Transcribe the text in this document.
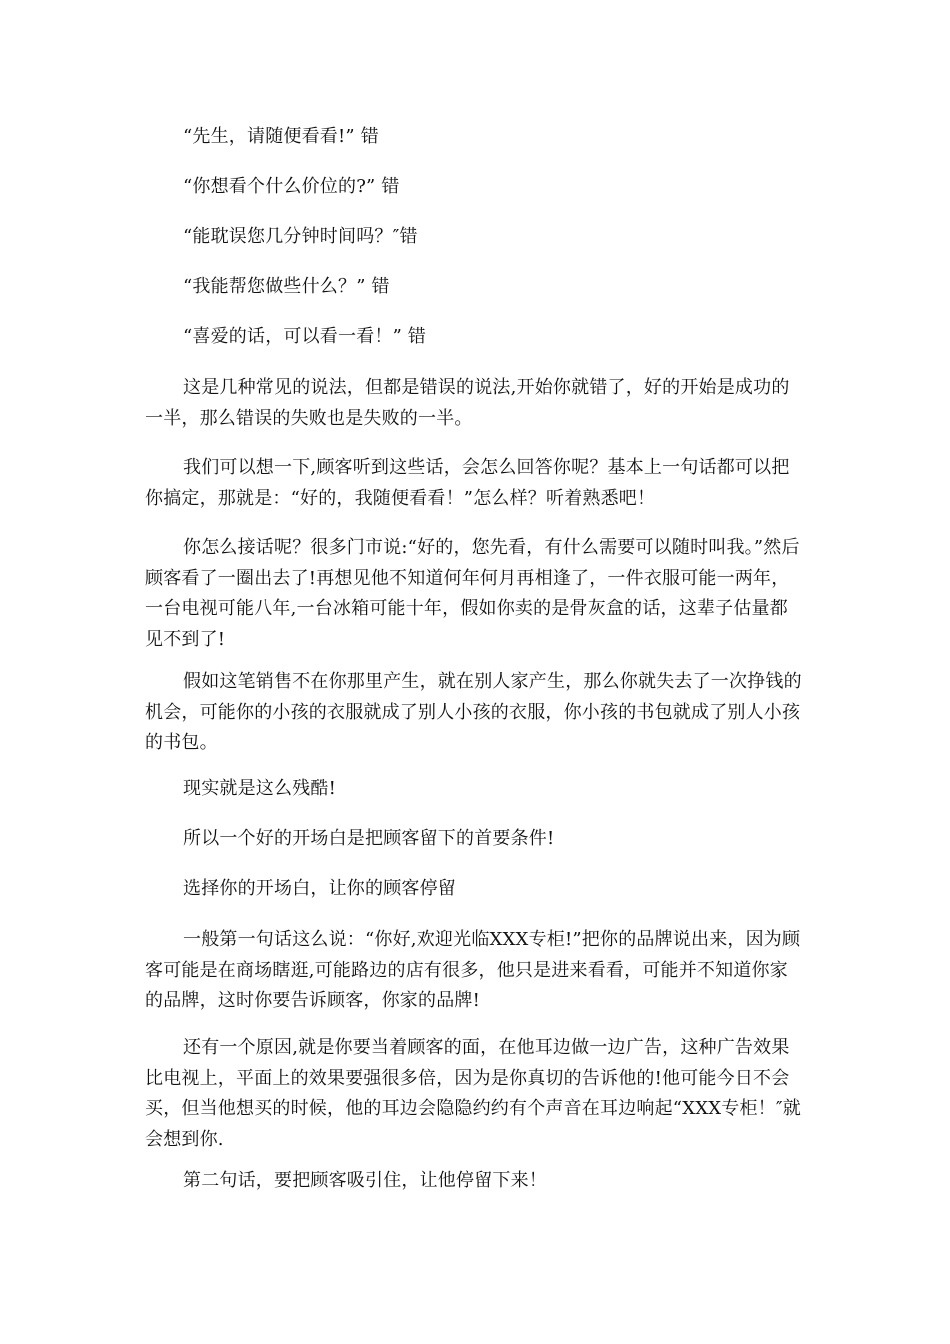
“先生，请随便看看!” 错
“你想看个什么价位的?” 错
“能耽误您几分钟时间吗？″错
“我能帮您做些什么？” 错
“喜爱的话，可以看一看！” 错
这是几种常见的说法，但都是错误的说法,开始你就错了，好的开始是成功的一半，那么错误的失败也是失败的一半。
我们可以想一下,顾客听到这些话，会怎么回答你呢？基本上一句话都可以把你搞定，那就是：“好的，我随便看看！”怎么样？听着熟悉吧！
你怎么接话呢？很多门市说:“好的，您先看，有什么需要可以随时叫我。”然后顾客看了一圈出去了!再想见他不知道何年何月再相逢了，一件衣服可能一两年，一台电视可能八年,一台冰箱可能十年，假如你卖的是骨灰盒的话，这辈子估量都见不到了!
假如这笔销售不在你那里产生，就在别人家产生，那么你就失去了一次挣钱的机会，可能你的小孩的衣服就成了别人小孩的衣服，你小孩的书包就成了别人小孩的书包。
现实就是这么残酷!
所以一个好的开场白是把顾客留下的首要条件!
选择你的开场白，让你的顾客停留
一般第一句话这么说：“你好,欢迎光临XXX专柜!”把你的品牌说出来，因为顾客可能是在商场瞎逛,可能路边的店有很多，他只是进来看看，可能并不知道你家的品牌，这时你要告诉顾客，你家的品牌!
还有一个原因,就是你要当着顾客的面，在他耳边做一边广告，这种广告效果比电视上，平面上的效果要强很多倍，因为是你真切的告诉他的!他可能今日不会买，但当他想买的时候，他的耳边会隐隐约约有个声音在耳边响起“XXX专柜！″就会想到你.
第二句话，要把顾客吸引住，让他停留下来！
